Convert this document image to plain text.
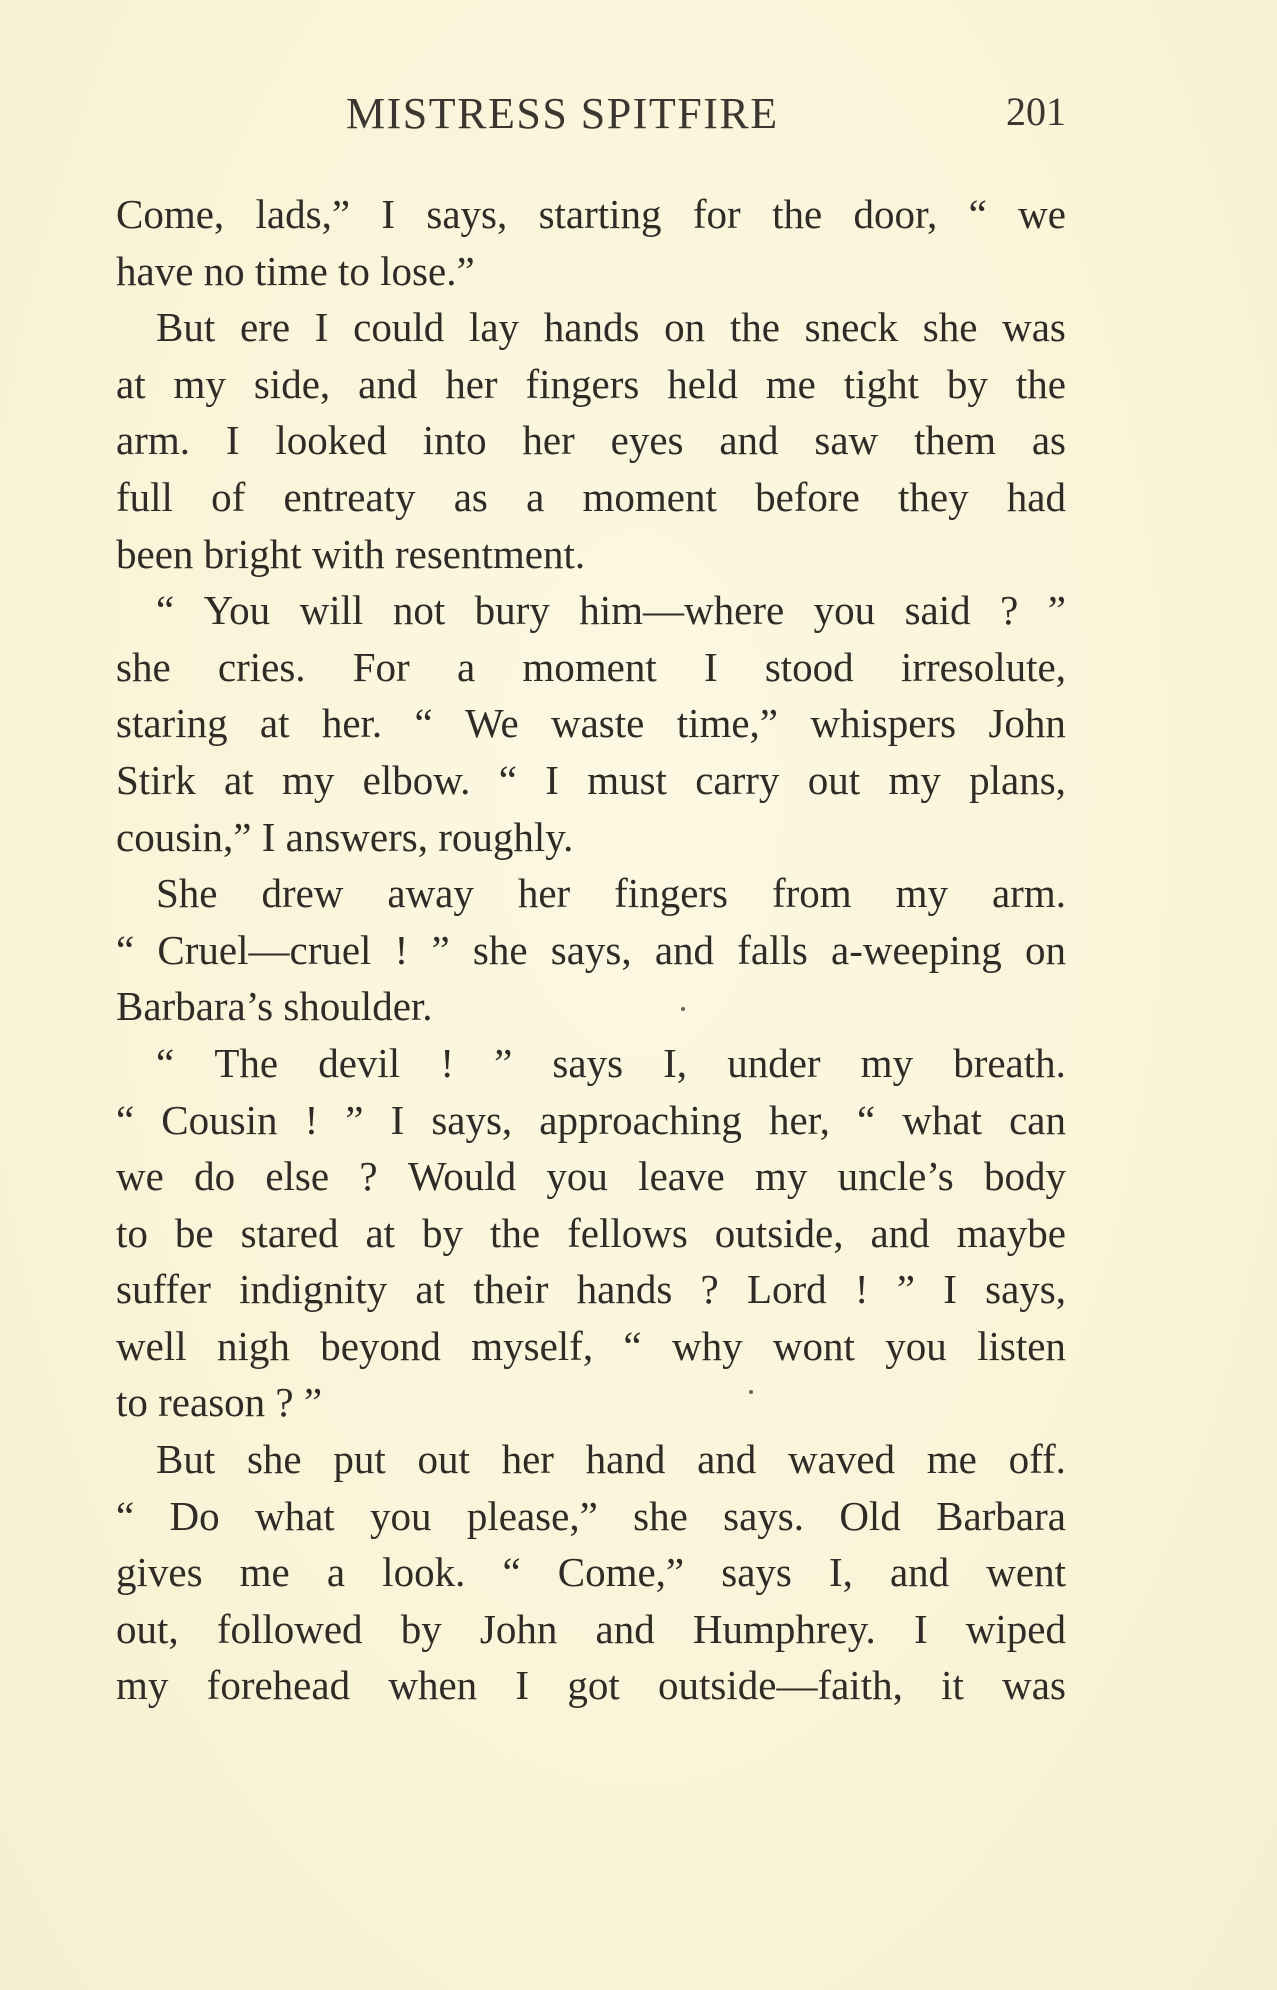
MISTRESS SPITFIRE	201
Come, lads,” I says, starting for the door, “ we
have no time to lose.”
But ere I could lay hands on the sneck she was
at my side, and her fingers held me tight by the
arm. I looked into her eyes and saw them as
full of entreaty as a moment before they had
been bright with resentment.
“ You will not bury him—where you said ? ”
she cries. For a moment I stood irresolute,
staring at her. “ We waste time,” whispers John
Stirk at my elbow. “ I must carry out my plans,
cousin,” I answers, roughly.
She drew away her fingers from my arm.
“ Cruel—cruel ! ” she says, and falls a-weeping on
Barbara’s shoulder.
“ The devil ! ” says I, under my breath.
“ Cousin ! ” I says, approaching her, “ what can
we do else ? Would you leave my uncle’s body
to be stared at by the fellows outside, and maybe
suffer indignity at their hands ? Lord ! ” I says,
well nigh beyond myself, “ why wont you listen
to reason ? ”
But she put out her hand and waved me off.
“ Do what you please,” she says. Old Barbara
gives me a look. “ Come,” says I, and went
out, followed by John and Humphrey. I wiped
my forehead when I got outside—faith, it was
